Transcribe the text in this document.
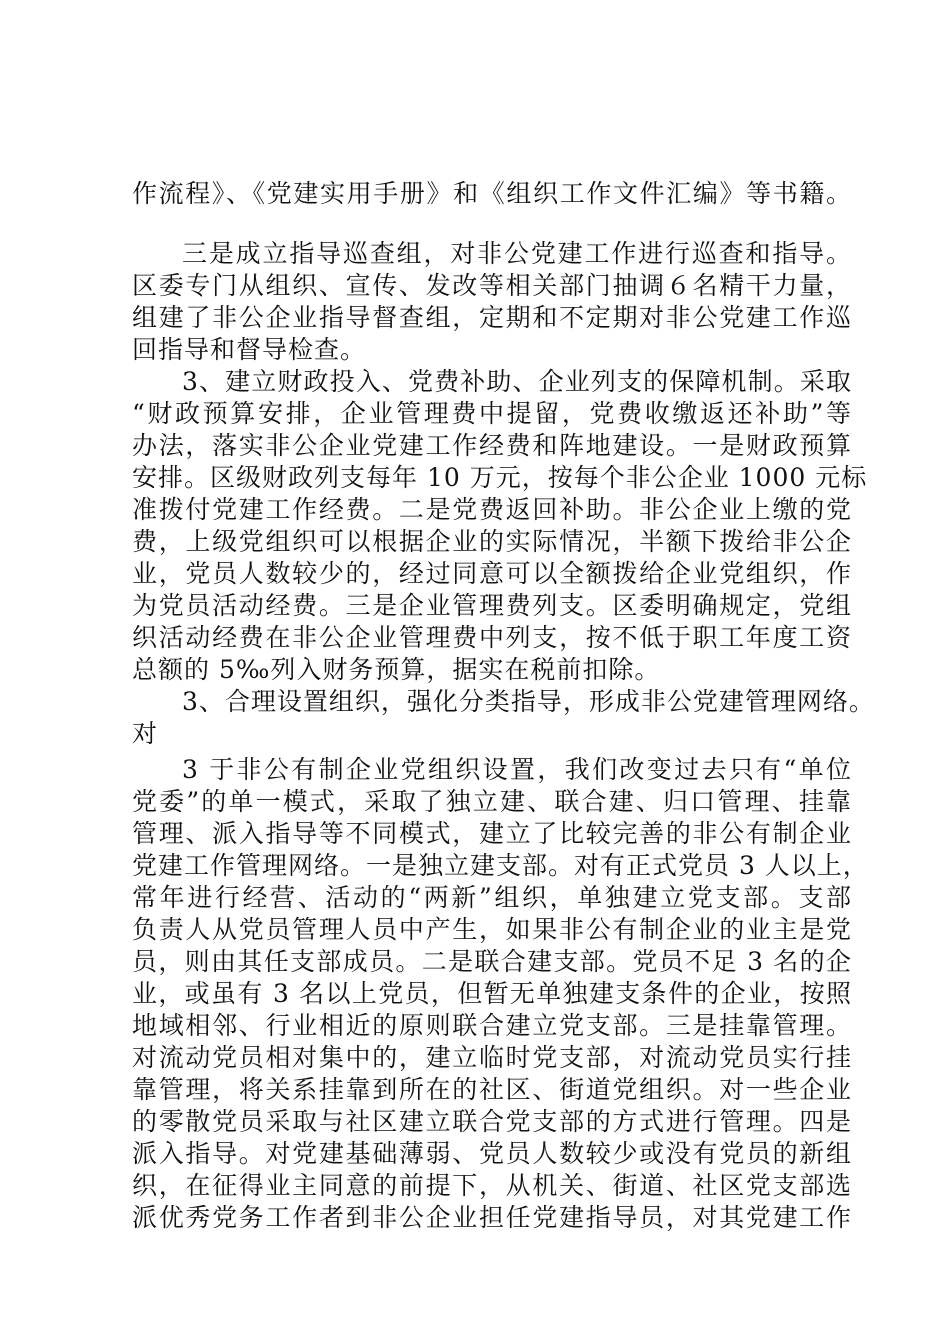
作流程》、《党建实用手册》和《组织工作文件汇编》等书籍。
三是成立指导巡查组，对非公党建工作进行巡查和指导。
区委专门从组织、宣传、发改等相关部门抽调６名精干力量，
组建了非公企业指导督查组，定期和不定期对非公党建工作巡
回指导和督导检查。
3、建立财政投入、党费补助、企业列支的保障机制。采取
“财政预算安排，企业管理费中提留，党费收缴返还补助”等
办法，落实非公企业党建工作经费和阵地建设。一是财政预算
安排。区级财政列支每年 10 万元，按每个非公企业 1000 元标
准拨付党建工作经费。二是党费返回补助。非公企业上缴的党
费，上级党组织可以根据企业的实际情况，半额下拨给非公企
业，党员人数较少的，经过同意可以全额拨给企业党组织，作
为党员活动经费。三是企业管理费列支。区委明确规定，党组
织活动经费在非公企业管理费中列支，按不低于职工年度工资
总额的 5‰列入财务预算，据实在税前扣除。
3、合理设置组织，强化分类指导，形成非公党建管理网络。
对
3 于非公有制企业党组织设置，我们改变过去只有“单位
党委”的单一模式，采取了独立建、联合建、归口管理、挂靠
管理、派入指导等不同模式，建立了比较完善的非公有制企业
党建工作管理网络。一是独立建支部。对有正式党员 3 人以上，
常年进行经营、活动的“两新”组织，单独建立党支部。支部
负责人从党员管理人员中产生，如果非公有制企业的业主是党
员，则由其任支部成员。二是联合建支部。党员不足 3 名的企
业，或虽有 3 名以上党员，但暂无单独建支条件的企业，按照
地域相邻、行业相近的原则联合建立党支部。三是挂靠管理。
对流动党员相对集中的，建立临时党支部，对流动党员实行挂
靠管理，将关系挂靠到所在的社区、街道党组织。对一些企业
的零散党员采取与社区建立联合党支部的方式进行管理。四是
派入指导。对党建基础薄弱、党员人数较少或没有党员的新组
织，在征得业主同意的前提下，从机关、街道、社区党支部选
派优秀党务工作者到非公企业担任党建指导员，对其党建工作
